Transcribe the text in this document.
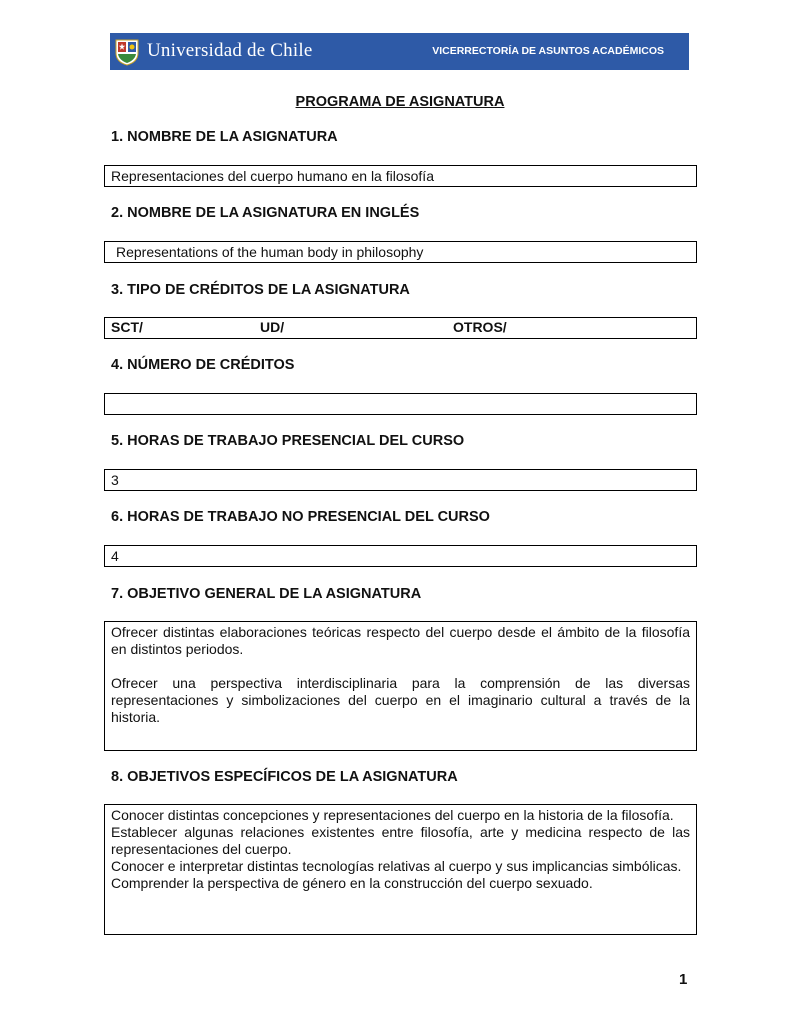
Universidad de Chile	VICERRECTORÍA DE ASUNTOS ACADÉMICOS
PROGRAMA DE ASIGNATURA
1. NOMBRE DE LA ASIGNATURA
Representaciones del cuerpo humano en la filosofía
2. NOMBRE DE LA ASIGNATURA EN INGLÉS
Representations of the human body in philosophy
3. TIPO DE CRÉDITOS DE LA ASIGNATURA
SCT/	UD/	OTROS/
4. NÚMERO DE CRÉDITOS
5. HORAS DE TRABAJO PRESENCIAL DEL CURSO
3
6. HORAS DE TRABAJO NO PRESENCIAL DEL CURSO
4
7. OBJETIVO GENERAL DE LA ASIGNATURA

Ofrecer distintas elaboraciones teóricas respecto del cuerpo desde el ámbito de la filosofía en distintos periodos.

Ofrecer una perspectiva interdisciplinaria para la comprensión de las diversas representaciones y simbolizaciones del cuerpo en el imaginario cultural a través de la historia.

8. OBJETIVOS ESPECÍFICOS DE LA ASIGNATURA

Conocer distintas concepciones y representaciones del cuerpo en la historia de la filosofía.

Establecer algunas relaciones existentes entre filosofía, arte y medicina respecto de las representaciones del cuerpo.

Conocer e interpretar distintas tecnologías relativas al cuerpo y sus implicancias simbólicas.

Comprender la perspectiva de género en la construcción del cuerpo sexuado.

1
